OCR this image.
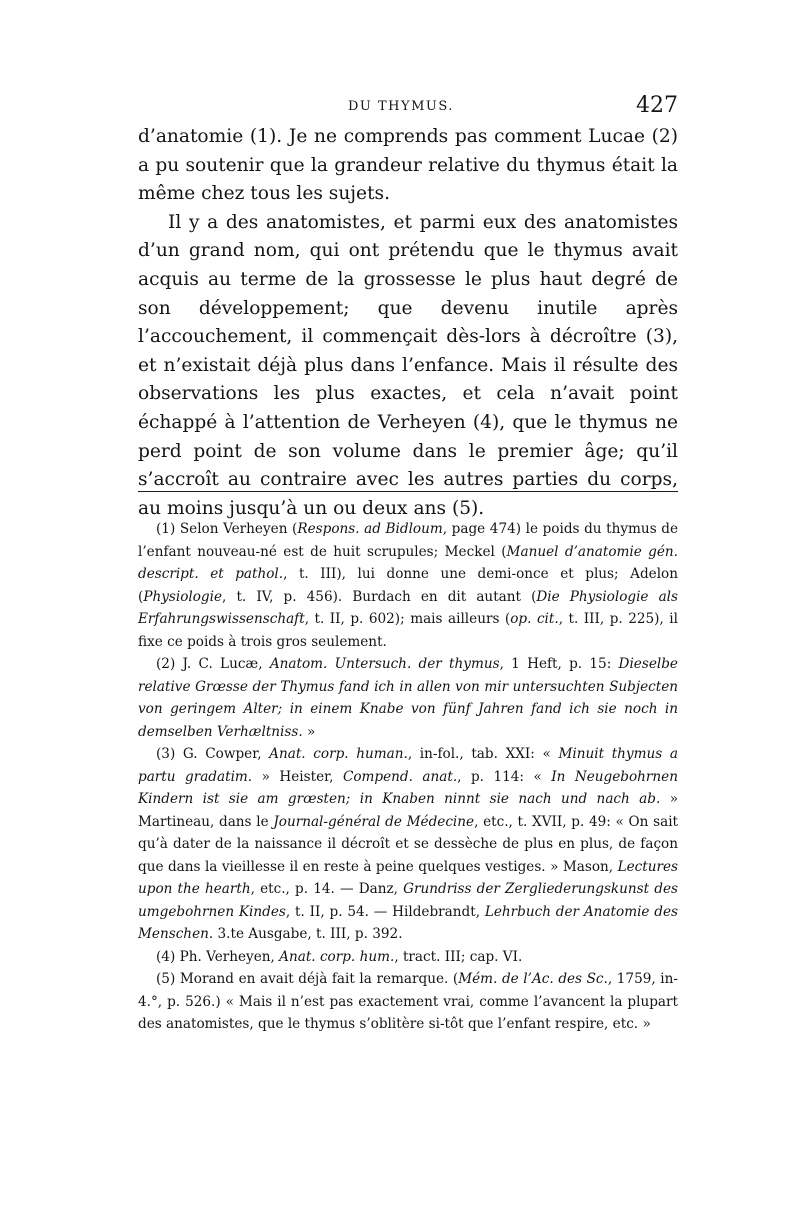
DU THYMUS.	427

d’anatomie (1). Je ne comprends pas comment Lucae (2) a pu soutenir que la grandeur relative du thymus était la même chez tous les sujets.

Il y a des anatomistes, et parmi eux des anatomistes d’un grand nom, qui ont prétendu que le thymus avait acquis au terme de la grossesse le plus haut degré de son développement; que devenu inutile après l’accouchement, il commençait dès-lors à décroître (3), et n’existait déjà plus dans l’enfance. Mais il résulte des observations les plus exactes, et cela n’avait point échappé à l’attention de Verheyen (4), que le thymus ne perd point de son volume dans le premier âge; qu’il s’accroît au contraire avec les autres parties du corps, au moins jusqu’à un ou deux ans (5).

(1) Selon Verheyen (Respons. ad Bidloum, page 474) le poids du thymus de l’enfant nouveau-né est de huit scrupules; Meckel (Manuel d’anatomie gén. descript. et pathol., t. III), lui donne une demi-once et plus; Adelon (Physiologie, t. IV, p. 456). Burdach en dit autant (Die Physiologie als Erfahrungswissenschaft, t. II, p. 602); mais ailleurs (op. cit., t. III, p. 225), il fixe ce poids à trois gros seulement.

(2) J. C. Lucæ, Anatom. Untersuch. der thymus, 1 Heft, p. 15: Dieselbe relative Grœsse der Thymus fand ich in allen von mir untersuchten Subjecten von geringem Alter; in einem Knabe von fünf Jahren fand ich sie noch in demselben Verhæltniss. »

(3) G. Cowper, Anat. corp. human., in-fol., tab. XXI: « Minuit thymus a partu gradatim. » Heister, Compend. anat., p. 114: « In Neugebohrnen Kindern ist sie am grœsten; in Knaben ninnt sie nach und nach ab. » Martineau, dans le Journal-général de Médecine, etc., t. XVII, p. 49: « On sait qu’à dater de la naissance il décroît et se dessèche de plus en plus, de façon que dans la vieillesse il en reste à peine quelques vestiges. » Mason, Lectures upon the hearth, etc., p. 14. — Danz, Grundriss der Zergliederungskunst des umgebohrnen Kindes, t. II, p. 54. — Hildebrandt, Lehrbuch der Anatomie des Menschen. 3.te Ausgabe, t. III, p. 392.

(4) Ph. Verheyen, Anat. corp. hum., tract. III; cap. VI.

(5) Morand en avait déjà fait la remarque. (Mém. de l’Ac. des Sc., 1759, in-4.°, p. 526.) « Mais il n’est pas exactement vrai, comme l’avancent la plupart des anatomistes, que le thymus s’oblitère si-tôt que l’enfant respire, etc. »
